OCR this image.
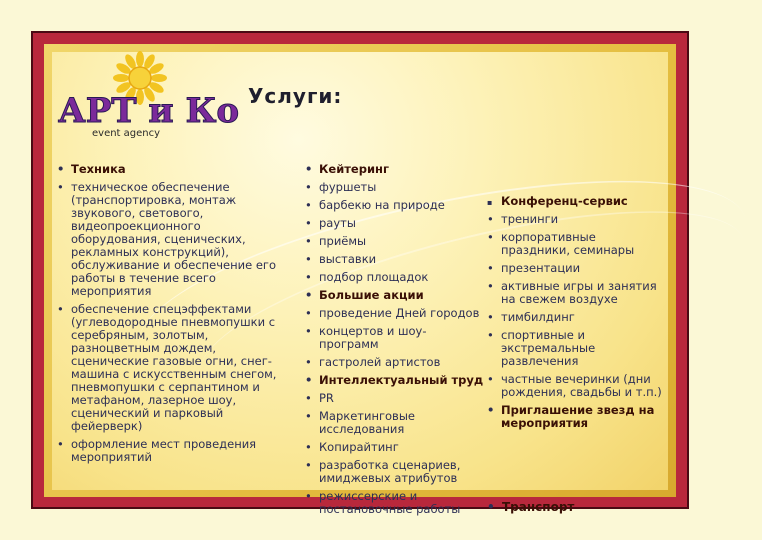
АРТ и Ко
event agency
Услуги:
• Техника
• техническое обеспечение (транспортировка, монтаж звукового, светового, видеопроекционного оборудования, сценических, рекламных конструкций), обслуживание и обеспечение его работы в течение всего мероприятия
• обеспечение спецэффектами (углеводородные пневмопушки с серебряным, золотым, разноцветным дождем, сценические газовые огни, снег-машина с искусственным снегом, пневмопушки с серпантином и метафаном, лазерное шоу, сценический и парковый фейерверк)
• оформление мест проведения мероприятий
• Кейтеринг
• фуршеты
• барбекю на природе
• рауты
• приёмы
• выставки
• подбор площадок
• Большие акции
• проведение Дней городов
• концертов и шоу-программ
• гастролей артистов
• Интеллектуальный труд
• PR
• Маркетинговые исследования
• Копирайтинг
• разработка сценариев, имиджевых атрибутов
• режиссерские и постановочные работы
▪ Конференц-сервис
• тренинги
• корпоративные праздники, семинары
• презентации
• активные игры и занятия на свежем воздухе
• тимбилдинг
• спортивные и экстремальные развлечения
• частные вечеринки (дни рождения, свадьбы и т.п.)
• Приглашение звезд на мероприятия

• Транспорт
